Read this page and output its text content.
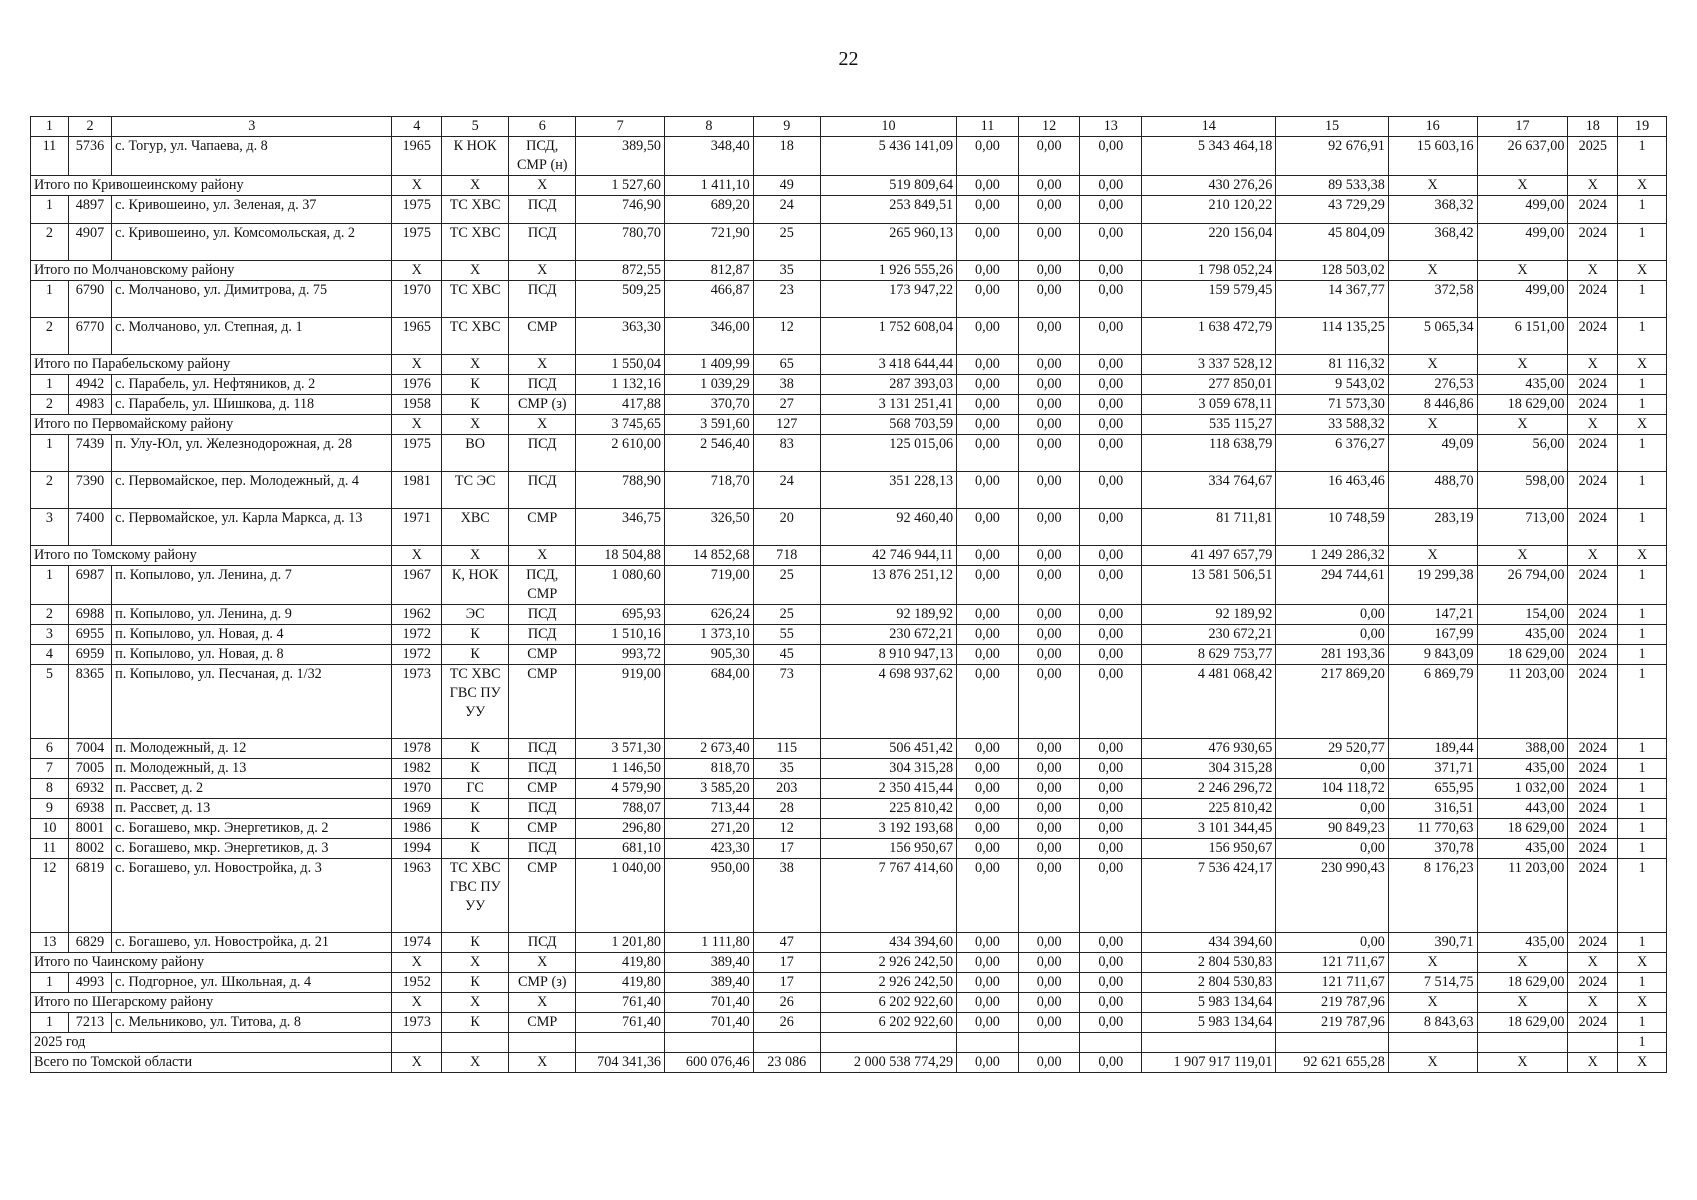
22
1	2	3	4	5	6	7	8	9	10	11	12	13	14	15	16	17	18	19
11	5736	с. Тогур, ул. Чапаева, д. 8	1965	К НОК	ПСД, СМР (н)	389,50	348,40	18	5 436 141,09	0,00	0,00	0,00	5 343 464,18	92 676,91	15 603,16	26 637,00	2025	1
Итого по Кривошеинскому району			X	X	X	1 527,60	1 411,10	49	519 809,64	0,00	0,00	0,00	430 276,26	89 533,38	X	X	X	X
1	4897	с. Кривошеино, ул. Зеленая, д. 37	1975	ТС ХВС	ПСД	746,90	689,20	24	253 849,51	0,00	0,00	0,00	210 120,22	43 729,29	368,32	499,00	2024	1
2	4907	с. Кривошеино, ул. Комсомольская, д. 2	1975	ТС ХВС	ПСД	780,70	721,90	25	265 960,13	0,00	0,00	0,00	220 156,04	45 804,09	368,42	499,00	2024	1
Итого по Молчановскому району			X	X	X	872,55	812,87	35	1 926 555,26	0,00	0,00	0,00	1 798 052,24	128 503,02	X	X	X	X
1	6790	с. Молчаново, ул. Димитрова, д. 75	1970	ТС ХВС	ПСД	509,25	466,87	23	173 947,22	0,00	0,00	0,00	159 579,45	14 367,77	372,58	499,00	2024	1
2	6770	с. Молчаново, ул. Степная, д. 1	1965	ТС ХВС	СМР	363,30	346,00	12	1 752 608,04	0,00	0,00	0,00	1 638 472,79	114 135,25	5 065,34	6 151,00	2024	1
Итого по Парабельскому району			X	X	X	1 550,04	1 409,99	65	3 418 644,44	0,00	0,00	0,00	3 337 528,12	81 116,32	X	X	X	X
1	4942	с. Парабель, ул. Нефтяников, д. 2	1976	К	ПСД	1 132,16	1 039,29	38	287 393,03	0,00	0,00	0,00	277 850,01	9 543,02	276,53	435,00	2024	1
2	4983	с. Парабель, ул. Шишкова, д. 118	1958	К	СМР (з)	417,88	370,70	27	3 131 251,41	0,00	0,00	0,00	3 059 678,11	71 573,30	8 446,86	18 629,00	2024	1
Итого по Первомайскому району			X	X	X	3 745,65	3 591,60	127	568 703,59	0,00	0,00	0,00	535 115,27	33 588,32	X	X	X	X
1	7439	п. Улу-Юл, ул. Железнодорожная, д. 28	1975	ВО	ПСД	2 610,00	2 546,40	83	125 015,06	0,00	0,00	0,00	118 638,79	6 376,27	49,09	56,00	2024	1
2	7390	с. Первомайское, пер. Молодежный, д. 4	1981	ТС ЭС	ПСД	788,90	718,70	24	351 228,13	0,00	0,00	0,00	334 764,67	16 463,46	488,70	598,00	2024	1
3	7400	с. Первомайское, ул. Карла Маркса, д. 13	1971	ХВС	СМР	346,75	326,50	20	92 460,40	0,00	0,00	0,00	81 711,81	10 748,59	283,19	713,00	2024	1
Итого по Томскому району			X	X	X	18 504,88	14 852,68	718	42 746 944,11	0,00	0,00	0,00	41 497 657,79	1 249 286,32	X	X	X	X
1	6987	п. Копылово, ул. Ленина, д. 7	1967	К, НОК	ПСД, СМР	1 080,60	719,00	25	13 876 251,12	0,00	0,00	0,00	13 581 506,51	294 744,61	19 299,38	26 794,00	2024	1
2	6988	п. Копылово, ул. Ленина, д. 9	1962	ЭС	ПСД	695,93	626,24	25	92 189,92	0,00	0,00	0,00	92 189,92	0,00	147,21	154,00	2024	1
3	6955	п. Копылово, ул. Новая, д. 4	1972	К	ПСД	1 510,16	1 373,10	55	230 672,21	0,00	0,00	0,00	230 672,21	0,00	167,99	435,00	2024	1
4	6959	п. Копылово, ул. Новая, д. 8	1972	К	СМР	993,72	905,30	45	8 910 947,13	0,00	0,00	0,00	8 629 753,77	281 193,36	9 843,09	18 629,00	2024	1
5	8365	п. Копылово, ул. Песчаная, д. 1/32	1973	ТС ХВС ГВС ПУ УУ	СМР	919,00	684,00	73	4 698 937,62	0,00	0,00	0,00	4 481 068,42	217 869,20	6 869,79	11 203,00	2024	1
6	7004	п. Молодежный, д. 12	1978	К	ПСД	3 571,30	2 673,40	115	506 451,42	0,00	0,00	0,00	476 930,65	29 520,77	189,44	388,00	2024	1
7	7005	п. Молодежный, д. 13	1982	К	ПСД	1 146,50	818,70	35	304 315,28	0,00	0,00	0,00	304 315,28	0,00	371,71	435,00	2024	1
8	6932	п. Рассвет, д. 2	1970	ГС	СМР	4 579,90	3 585,20	203	2 350 415,44	0,00	0,00	0,00	2 246 296,72	104 118,72	655,95	1 032,00	2024	1
9	6938	п. Рассвет, д. 13	1969	К	ПСД	788,07	713,44	28	225 810,42	0,00	0,00	0,00	225 810,42	0,00	316,51	443,00	2024	1
10	8001	с. Богашево, мкр. Энергетиков, д. 2	1986	К	СМР	296,80	271,20	12	3 192 193,68	0,00	0,00	0,00	3 101 344,45	90 849,23	11 770,63	18 629,00	2024	1
11	8002	с. Богашево, мкр. Энергетиков, д. 3	1994	К	ПСД	681,10	423,30	17	156 950,67	0,00	0,00	0,00	156 950,67	0,00	370,78	435,00	2024	1
12	6819	с. Богашево, ул. Новостройка, д. 3	1963	ТС ХВС ГВС ПУ УУ	СМР	1 040,00	950,00	38	7 767 414,60	0,00	0,00	0,00	7 536 424,17	230 990,43	8 176,23	11 203,00	2024	1
13	6829	с. Богашево, ул. Новостройка, д. 21	1974	К	ПСД	1 201,80	1 111,80	47	434 394,60	0,00	0,00	0,00	434 394,60	0,00	390,71	435,00	2024	1
Итого по Чаинскому району			X	X	X	419,80	389,40	17	2 926 242,50	0,00	0,00	0,00	2 804 530,83	121 711,67	X	X	X	X
1	4993	с. Подгорное, ул. Школьная, д. 4	1952	К	СМР (з)	419,80	389,40	17	2 926 242,50	0,00	0,00	0,00	2 804 530,83	121 711,67	7 514,75	18 629,00	2024	1
Итого по Шегарскому району			X	X	X	761,40	701,40	26	6 202 922,60	0,00	0,00	0,00	5 983 134,64	219 787,96	X	X	X	X
1	7213	с. Мельниково, ул. Титова, д. 8	1973	К	СМР	761,40	701,40	26	6 202 922,60	0,00	0,00	0,00	5 983 134,64	219 787,96	8 843,63	18 629,00	2024	1
2025 год																		1
Всего по Томской области			X	X	X	704 341,36	600 076,46	23 086	2 000 538 774,29	0,00	0,00	0,00	1 907 917 119,01	92 621 655,28	X	X	X	X
